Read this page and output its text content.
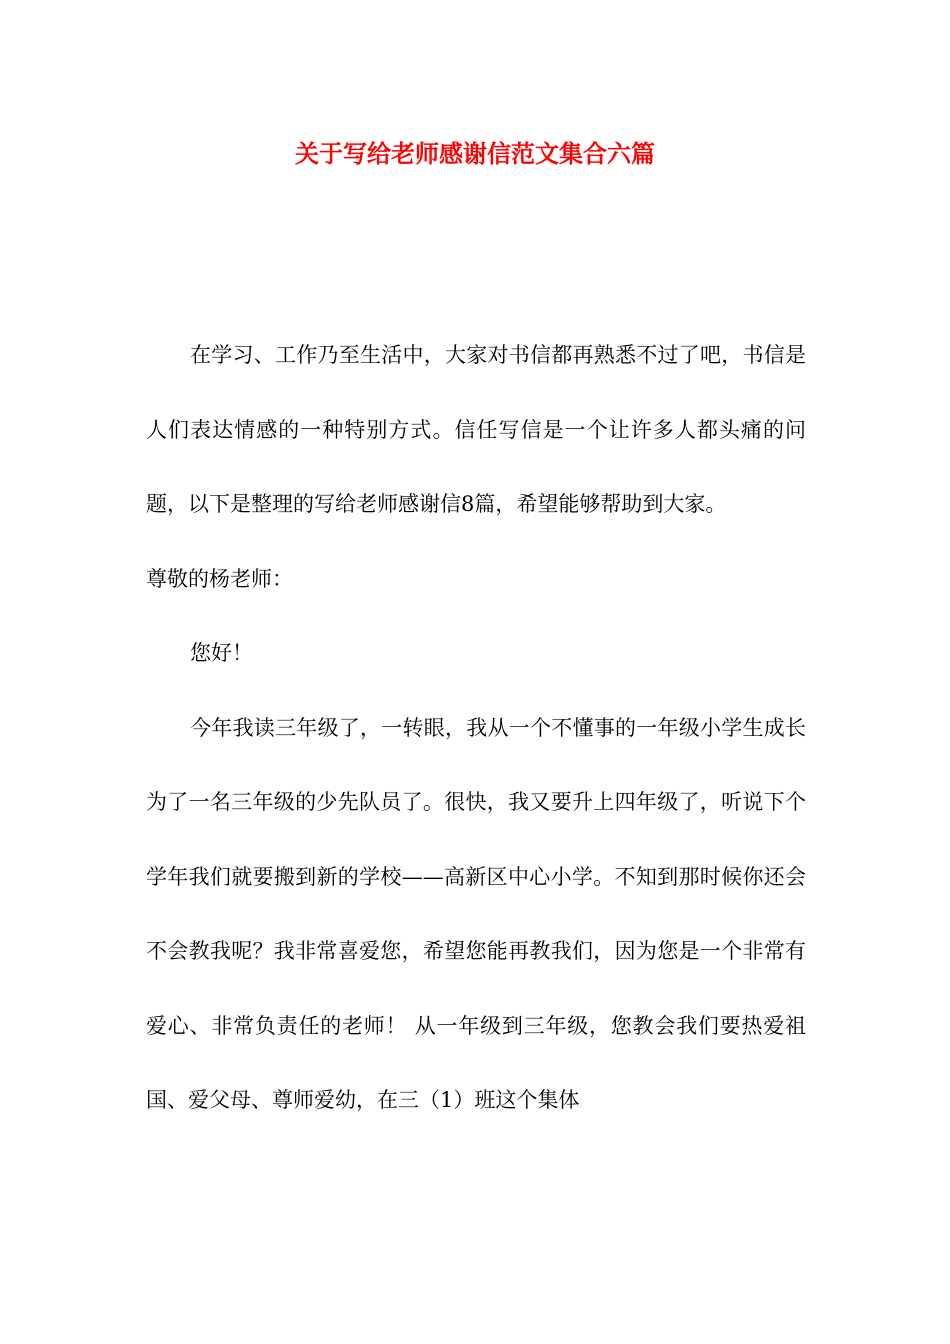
关于写给老师感谢信范文集合六篇

在学习、工作乃至生活中，大家对书信都再熟悉不过了吧，书信是人们表达情感的一种特别方式。信任写信是一个让许多人都头痛的问题，以下是整理的写给老师感谢信8篇，希望能够帮助到大家。

尊敬的杨老师：

您好！

今年我读三年级了，一转眼，我从一个不懂事的一年级小学生成长为了一名三年级的少先队员了。很快，我又要升上四年级了，听说下个学年我们就要搬到新的学校——高新区中心小学。不知到那时候你还会不会教我呢？我非常喜爱您，希望您能再教我们，因为您是一个非常有爱心、非常负责任的老师！ 从一年级到三年级，您教会我们要热爱祖国、爱父母、尊师爱幼，在三（1）班这个集体
